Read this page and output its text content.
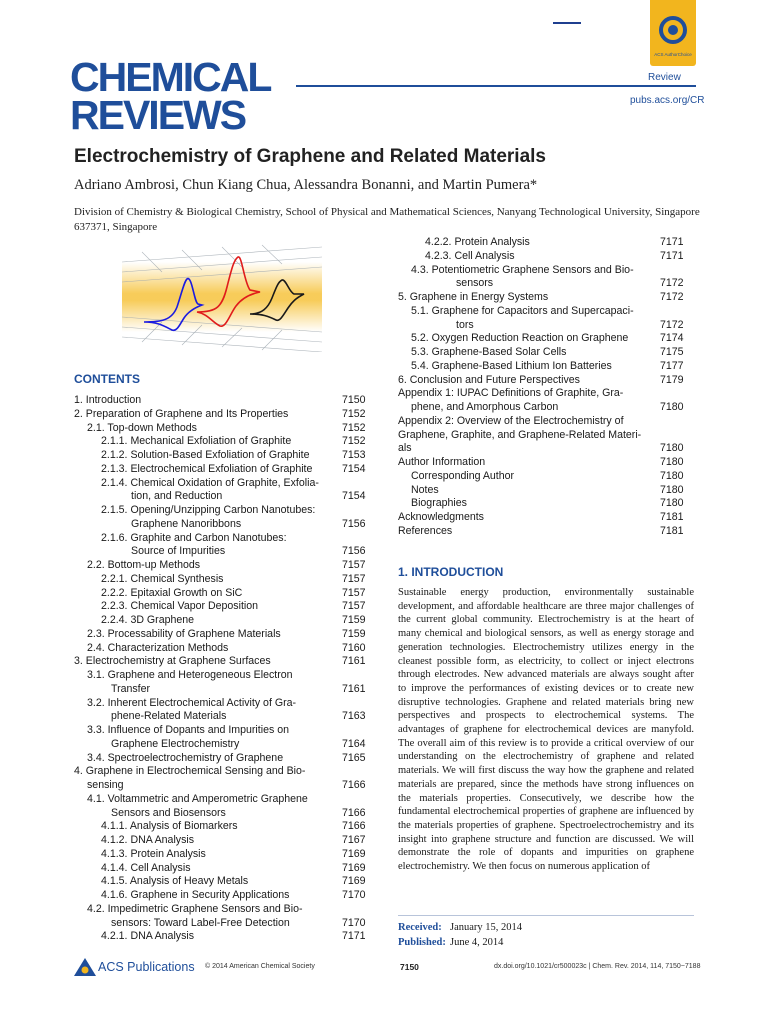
ACS AuthorChoice
CHEMICAL
REVIEWS
Review
pubs.acs.org/CR
Electrochemistry of Graphene and Related Materials
Adriano Ambrosi, Chun Kiang Chua, Alessandra Bonanni, and Martin Pumera*
Division of Chemistry & Biological Chemistry, School of Physical and Mathematical Sciences, Nanyang Technological University, Singapore 637371, Singapore
CONTENTS
1. Introduction	7150
2. Preparation of Graphene and Its Properties	7152
2.1. Top-down Methods	7152
2.1.1. Mechanical Exfoliation of Graphite	7152
2.1.2. Solution-Based Exfoliation of Graphite	7153
2.1.3. Electrochemical Exfoliation of Graphite	7154
2.1.4. Chemical Oxidation of Graphite, Exfolia-
tion, and Reduction	7154
2.1.5. Opening/Unzipping Carbon Nanotubes:
Graphene Nanoribbons	7156
2.1.6. Graphite and Carbon Nanotubes:
Source of Impurities	7156
2.2. Bottom-up Methods	7157
2.2.1. Chemical Synthesis	7157
2.2.2. Epitaxial Growth on SiC	7157
2.2.3. Chemical Vapor Deposition	7157
2.2.4. 3D Graphene	7159
2.3. Processability of Graphene Materials	7159
2.4. Characterization Methods	7160
3. Electrochemistry at Graphene Surfaces	7161
3.1. Graphene and Heterogeneous Electron
Transfer	7161
3.2. Inherent Electrochemical Activity of Gra-
phene-Related Materials	7163
3.3. Influence of Dopants and Impurities on
Graphene Electrochemistry	7164
3.4. Spectroelectrochemistry of Graphene	7165
4. Graphene in Electrochemical Sensing and Bio-
sensing	7166
4.1. Voltammetric and Amperometric Graphene
Sensors and Biosensors	7166
4.1.1. Analysis of Biomarkers	7166
4.1.2. DNA Analysis	7167
4.1.3. Protein Analysis	7169
4.1.4. Cell Analysis	7169
4.1.5. Analysis of Heavy Metals	7169
4.1.6. Graphene in Security Applications	7170
4.2. Impedimetric Graphene Sensors and Bio-
sensors: Toward Label-Free Detection	7170
4.2.1. DNA Analysis	7171
4.2.2. Protein Analysis	7171
4.2.3. Cell Analysis	7171
4.3. Potentiometric Graphene Sensors and Bio-
sensors	7172
5. Graphene in Energy Systems	7172
5.1. Graphene for Capacitors and Supercapaci-
tors	7172
5.2. Oxygen Reduction Reaction on Graphene	7174
5.3. Graphene-Based Solar Cells	7175
5.4. Graphene-Based Lithium Ion Batteries	7177
6. Conclusion and Future Perspectives	7179
Appendix 1: IUPAC Definitions of Graphite, Gra-
phene, and Amorphous Carbon	7180
Appendix 2: Overview of the Electrochemistry of
Graphene, Graphite, and Graphene-Related Materi-
als	7180
Author Information	7180
Corresponding Author	7180
Notes	7180
Biographies	7180
Acknowledgments	7181
References	7181
1. INTRODUCTION
Sustainable energy production, environmentally sustainable development, and affordable healthcare are three major challenges of the current global community. Electrochemistry is at the heart of many chemical and biological sensors, as well as energy storage and generation technologies. Electrochemistry utilizes energy in the cleanest possible form, as electricity, to collect or inject electrons through electrodes. New advanced materials are always sought after to improve the performances of existing devices or to create new disruptive technologies. Graphene and related materials bring new perspectives and prospects to electrochemical systems. The advantages of graphene for electrochemical devices are manyfold. The overall aim of this review is to provide a critical overview of our understanding on the electrochemistry of graphene and related materials. We will first discuss the way how the graphene and related materials are prepared, since the methods have strong influences on the materials properties. Consecutively, we describe how the fundamental electrochemical properties of graphene are influenced by the materials properties of graphene. Spectroelectrochemistry and its insight into graphene structure and function are discussed. We will demonstrate the role of dopants and impurities on graphene electrochemistry. We then focus on numerous application of
Received: January 15, 2014
Published: June 4, 2014
ACS Publications © 2014 American Chemical Society	7150	dx.doi.org/10.1021/cr500023c | Chem. Rev. 2014, 114, 7150−7188
